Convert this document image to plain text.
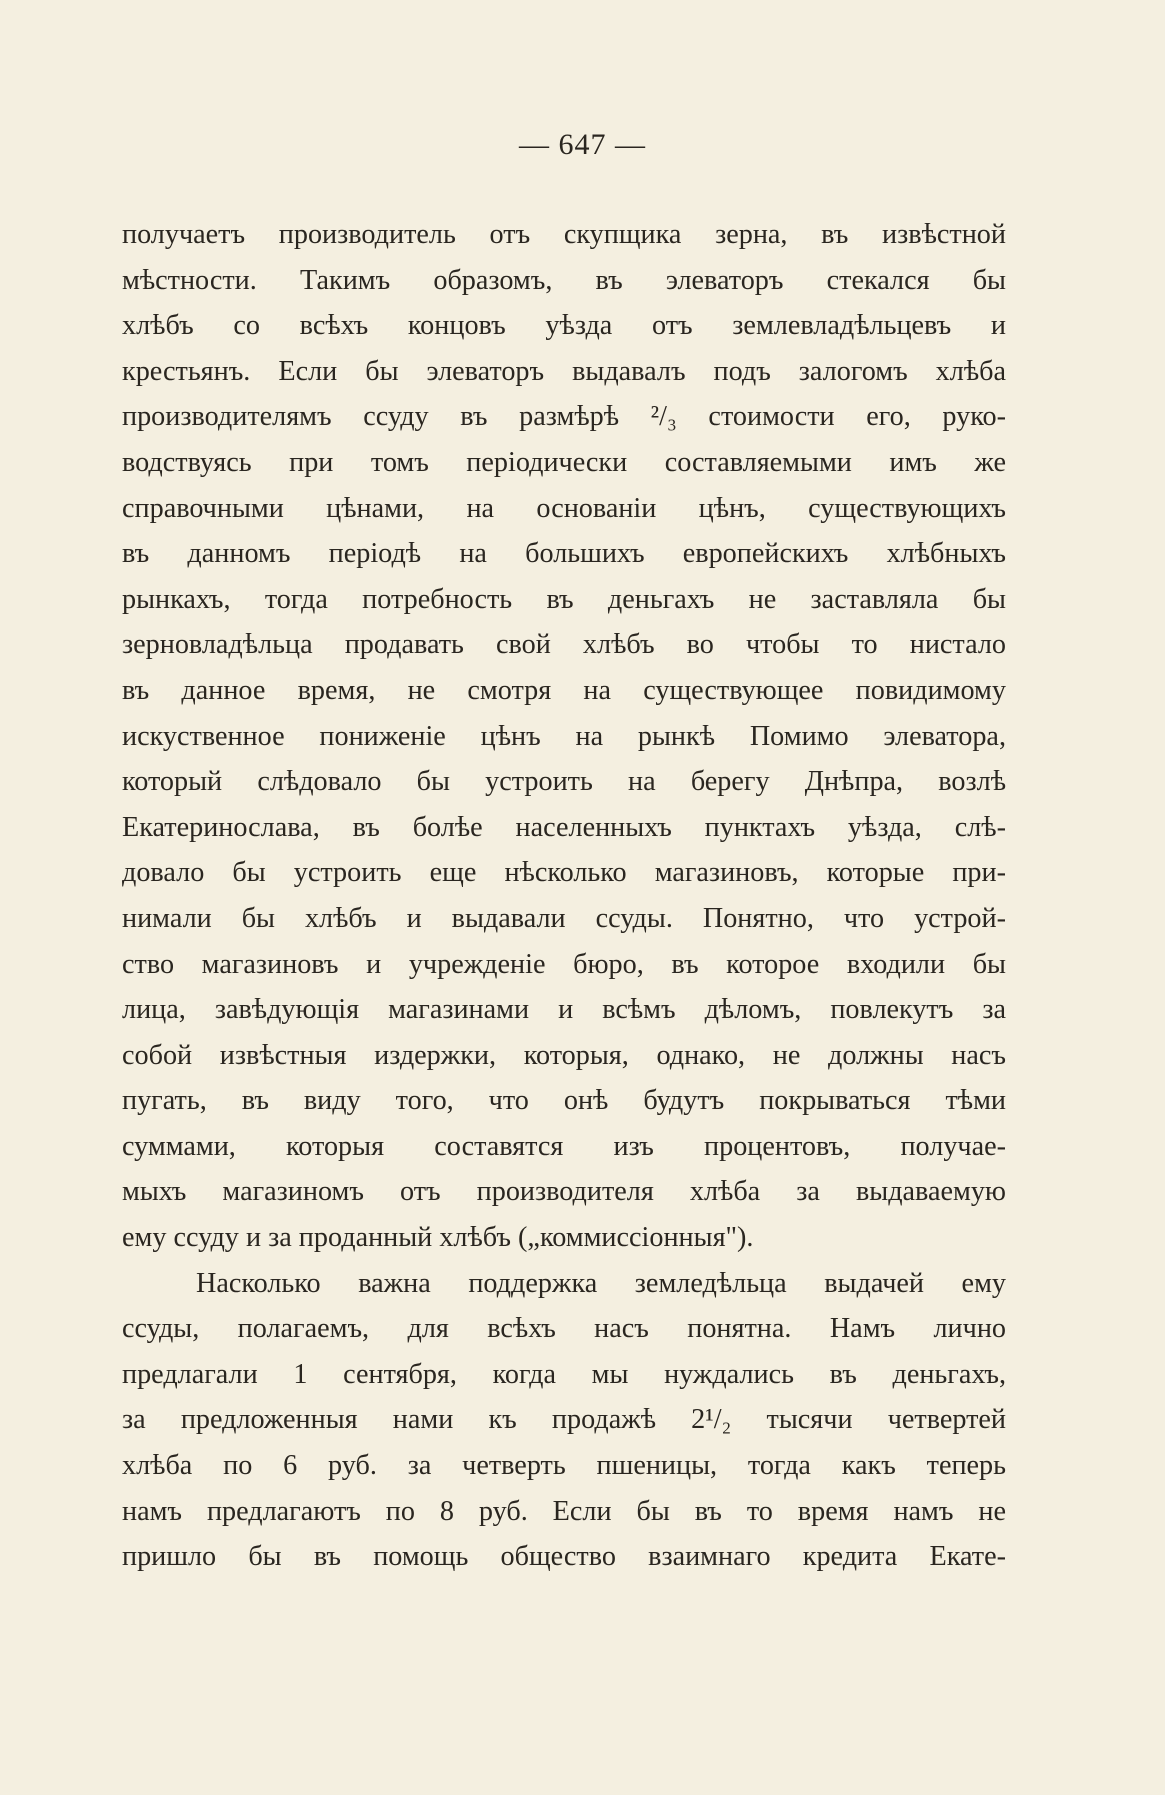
— 647 —
получаетъ производитель отъ скупщика зерна, въ извѣстной
мѣстности. Такимъ образомъ, въ элеваторъ стекался бы
хлѣбъ со всѣхъ концовъ уѣзда отъ землевладѣльцевъ и
крестьянъ. Если бы элеваторъ выдавалъ подъ залогомъ хлѣба
производителямъ ссуду въ размѣрѣ ²/₃ стоимости его, руко-
водствуясь при томъ періодически составляемыми имъ же
справочными цѣнами, на основаніи цѣнъ, существующихъ
въ данномъ періодѣ на большихъ европейскихъ хлѣбныхъ
рынкахъ, тогда потребность въ деньгахъ не заставляла бы
зерновладѣльца продавать свой хлѣбъ во чтобы то нистало
въ данное время, не смотря на существующее повидимому
искуственное пониженіе цѣнъ на рынкѣ Помимо элеватора,
который слѣдовало бы устроить на берегу Днѣпра, возлѣ
Екатеринослава, въ болѣе населенныхъ пунктахъ уѣзда, слѣ-
довало бы устроить еще нѣсколько магазиновъ, которые при-
нимали бы хлѣбъ и выдавали ссуды. Понятно, что устрой-
ство магазиновъ и учрежденіе бюро, въ которое входили бы
лица, завѣдующія магазинами и всѣмъ дѣломъ, повлекутъ за
собой извѣстныя издержки, которыя, однако, не должны насъ
пугать, въ виду того, что онѣ будутъ покрываться тѣми
суммами, которыя составятся изъ процентовъ, получае-
мыхъ магазиномъ отъ производителя хлѣба за выдаваемую
ему ссуду и за проданный хлѣбъ („коммиссіонныя").
Насколько важна поддержка земледѣльца выдачей ему
ссуды, полагаемъ, для всѣхъ насъ понятна. Намъ лично
предлагали 1 сентября, когда мы нуждались въ деньгахъ,
за предложенныя нами къ продажѣ 2¹/₂ тысячи четвертей
хлѣба по 6 руб. за четверть пшеницы, тогда какъ теперь
намъ предлагаютъ по 8 руб. Если бы въ то время намъ не
пришло бы въ помощь общество взаимнаго кредита Екате-
